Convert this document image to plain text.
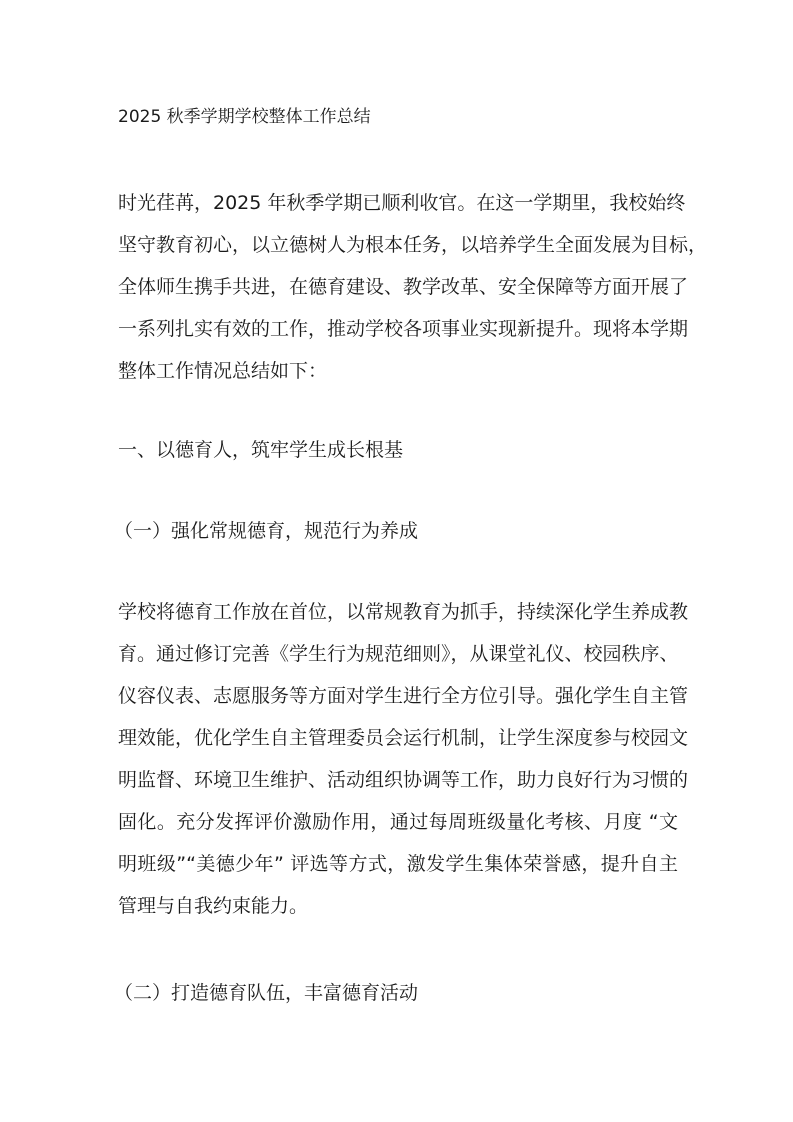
2025 秋季学期学校整体工作总结
时光荏苒，2025 年秋季学期已顺利收官。在这一学期里，我校始终
坚守教育初心，以立德树人为根本任务，以培养学生全面发展为目标，
全体师生携手共进，在德育建设、教学改革、安全保障等方面开展了
一系列扎实有效的工作，推动学校各项事业实现新提升。现将本学期
整体工作情况总结如下：
一、以德育人，筑牢学生成长根基
（一）强化常规德育，规范行为养成
学校将德育工作放在首位，以常规教育为抓手，持续深化学生养成教
育。通过修订完善《学生行为规范细则》，从课堂礼仪、校园秩序、
仪容仪表、志愿服务等方面对学生进行全方位引导。强化学生自主管
理效能，优化学生自主管理委员会运行机制，让学生深度参与校园文
明监督、环境卫生维护、活动组织协调等工作，助力良好行为习惯的
固化。充分发挥评价激励作用，通过每周班级量化考核、月度 “文
明班级”“美德少年” 评选等方式，激发学生集体荣誉感，提升自主
管理与自我约束能力。
（二）打造德育队伍，丰富德育活动
